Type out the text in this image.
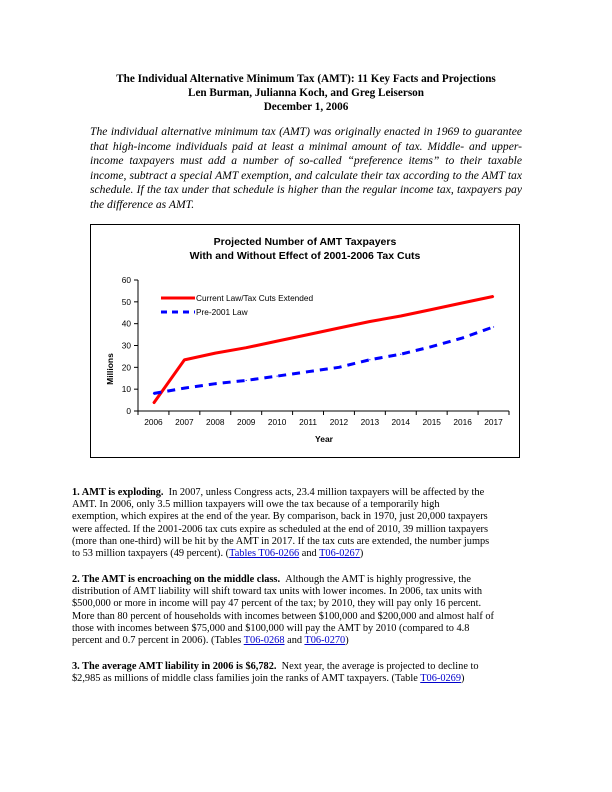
The Individual Alternative Minimum Tax (AMT): 11 Key Facts and Projections
Len Burman, Julianna Koch, and Greg Leiserson
December 1, 2006
The individual alternative minimum tax (AMT) was originally enacted in 1969 to guarantee that high-income individuals paid at least a minimal amount of tax. Middle- and upper-income taxpayers must add a number of so-called “preference items” to their taxable income, subtract a special AMT exemption, and calculate their tax according to the AMT tax schedule. If the tax under that schedule is higher than the regular income tax, taxpayers pay the difference as AMT.
Projected Number of AMT Taxpayers
With and Without Effect of 2001-2006 Tax Cuts
Millions
Year
0
10
20
30
40
50
60
2006 2007 2008 2009 2010 2011 2012 2013 2014 2015 2016 2017
Current Law/Tax Cuts Extended
Pre-2001 Law
1. AMT is exploding. In 2007, unless Congress acts, 23.4 million taxpayers will be affected by the
AMT. In 2006, only 3.5 million taxpayers will owe the tax because of a temporarily high
exemption, which expires at the end of the year. By comparison, back in 1970, just 20,000 taxpayers
were affected. If the 2001-2006 tax cuts expire as scheduled at the end of 2010, 39 million taxpayers
(more than one-third) will be hit by the AMT in 2017. If the tax cuts are extended, the number jumps
to 53 million taxpayers (49 percent). (Tables T06-0266 and T06-0267)
2. The AMT is encroaching on the middle class. Although the AMT is highly progressive, the
distribution of AMT liability will shift toward tax units with lower incomes. In 2006, tax units with
$500,000 or more in income will pay 47 percent of the tax; by 2010, they will pay only 16 percent.
More than 80 percent of households with incomes between $100,000 and $200,000 and almost half of
those with incomes between $75,000 and $100,000 will pay the AMT by 2010 (compared to 4.8
percent and 0.7 percent in 2006). (Tables T06-0268 and T06-0270)
3. The average AMT liability in 2006 is $6,782. Next year, the average is projected to decline to
$2,985 as millions of middle class families join the ranks of AMT taxpayers. (Table T06-0269)
